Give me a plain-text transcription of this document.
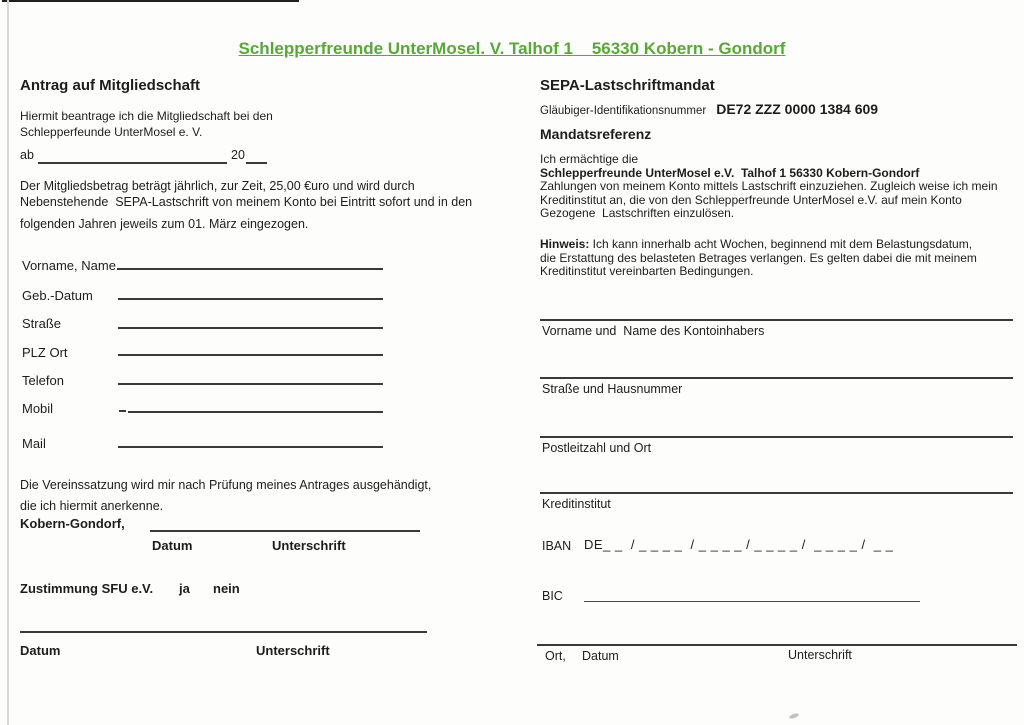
Schlepperfreunde UnterMosel. V. Talhof 1    56330 Kobern - Gondorf
Antrag auf Mitgliedschaft
Hiermit beantrage ich die Mitgliedschaft bei den
Schlepperfeunde UnterMosel e. V.
ab	20
Der Mitgliedsbetrag beträgt jährlich, zur Zeit, 25,00 €uro und wird durch
Nebenstehende  SEPA-Lastschrift von meinem Konto bei Eintritt sofort und in den
folgenden Jahren jeweils zum 01. März eingezogen.
Vorname, Name
Geb.-Datum
Straße
PLZ Ort
Telefon
Mobil
Mail
Die Vereinssatzung wird mir nach Prüfung meines Antrages ausgehändigt,
die ich hiermit anerkenne.
Kobern-Gondorf,
Datum	Unterschrift
Zustimmung SFU e.V. ja nein
Datum	Unterschrift
SEPA-Lastschriftmandat
Gläubiger-Identifikationsnummer DE72 ZZZ 0000 1384 609
Mandatsreferenz
Ich ermächtige die
Schlepperfreunde UnterMosel e.V.  Talhof 1 56330 Kobern-Gondorf
Zahlungen von meinem Konto mittels Lastschrift einzuziehen. Zugleich weise ich mein
Kreditinstitut an, die von den Schlepperfreunde UnterMosel e.V. auf mein Konto
Gezogene  Lastschriften einzulösen.
Hinweis: Ich kann innerhalb acht Wochen, beginnend mit dem Belastungsdatum,
die Erstattung des belasteten Betrages verlangen. Es gelten dabei die mit meinem
Kreditinstitut vereinbarten Bedingungen.
Vorname und  Name des Kontoinhabers
Straße und Hausnummer
Postleitzahl und Ort
Kreditinstitut
IBAN DE_ _  / _ _ _ _  / _ _ _ _ / _ _ _ _ /  _ _ _ _ /  _ _
BIC
Ort, Datum	Unterschrift
